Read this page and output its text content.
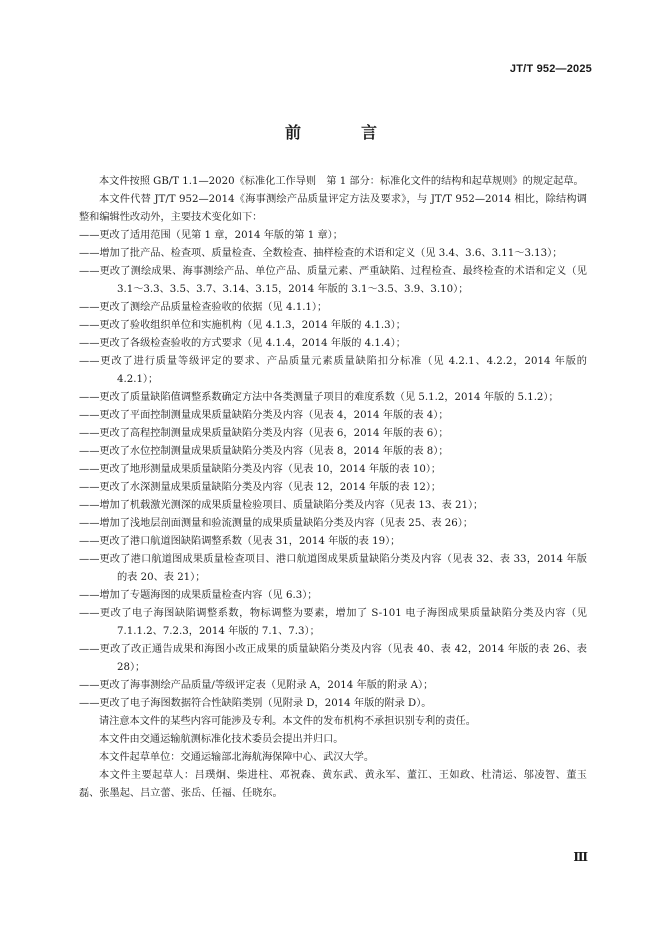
JT/T 952—2025
前　言

本文件按照 GB/T 1.1—2020《标准化工作导则　第 1 部分：标准化文件的结构和起草规则》的规定起草。

本文件代替 JT/T 952—2014《海事测绘产品质量评定方法及要求》，与 JT/T 952—2014 相比，除结构调整和编辑性改动外，主要技术变化如下：

——更改了适用范围（见第 1 章，2014 年版的第 1 章）；

——增加了批产品、检查项、质量检查、全数检查、抽样检查的术语和定义（见 3.4、3.6、3.11～3.13）；

——更改了测绘成果、海事测绘产品、单位产品、质量元素、严重缺陷、过程检查、最终检查的术语和定义（见 3.1～3.3、3.5、3.7、3.14、3.15，2014 年版的 3.1～3.5、3.9、3.10）；

——更改了测绘产品质量检查验收的依据（见 4.1.1）；

——更改了验收组织单位和实施机构（见 4.1.3，2014 年版的 4.1.3）；

——更改了各级检查验收的方式要求（见 4.1.4，2014 年版的 4.1.4）；

——更改了进行质量等级评定的要求、产品质量元素质量缺陷扣分标准（见 4.2.1、4.2.2，2014 年版的 4.2.1）；

——更改了质量缺陷值调整系数确定方法中各类测量子项目的难度系数（见 5.1.2，2014 年版的 5.1.2）；

——更改了平面控制测量成果质量缺陷分类及内容（见表 4，2014 年版的表 4）；

——更改了高程控制测量成果质量缺陷分类及内容（见表 6，2014 年版的表 6）；

——更改了水位控制测量成果质量缺陷分类及内容（见表 8，2014 年版的表 8）；

——更改了地形测量成果质量缺陷分类及内容（见表 10，2014 年版的表 10）；

——更改了水深测量成果质量缺陷分类及内容（见表 12，2014 年版的表 12）；

——增加了机载激光测深的成果质量检验项目、质量缺陷分类及内容（见表 13、表 21）；

——增加了浅地层剖面测量和验流测量的成果质量缺陷分类及内容（见表 25、表 26）；

——更改了港口航道图缺陷调整系数（见表 31，2014 年版的表 19）；

——更改了港口航道图成果质量检查项目、港口航道图成果质量缺陷分类及内容（见表 32、表 33，2014 年版的表 20、表 21）；

——增加了专题海图的成果质量检查内容（见 6.3）；

——更改了电子海图缺陷调整系数，物标调整为要素，增加了 S-101 电子海图成果质量缺陷分类及内容（见 7.1.1.2、7.2.3，2014 年版的 7.1、7.3）；

——更改了改正通告成果和海图小改正成果的质量缺陷分类及内容（见表 40、表 42，2014 年版的表 26、表 28）；

——更改了海事测绘产品质量/等级评定表（见附录 A，2014 年版的附录 A）；

——更改了电子海图数据符合性缺陷类别（见附录 D，2014 年版的附录 D）。

请注意本文件的某些内容可能涉及专利。本文件的发布机构不承担识别专利的责任。

本文件由交通运输航测标准化技术委员会提出并归口。

本文件起草单位：交通运输部北海航海保障中心、武汉大学。

本文件主要起草人：吕璞炯、柴进柱、邓祝森、黄东武、黄永军、董江、王如政、杜清运、邬凌智、董玉磊、张墨起、吕立蕾、张岳、任福、任晓东。

Ⅲ
